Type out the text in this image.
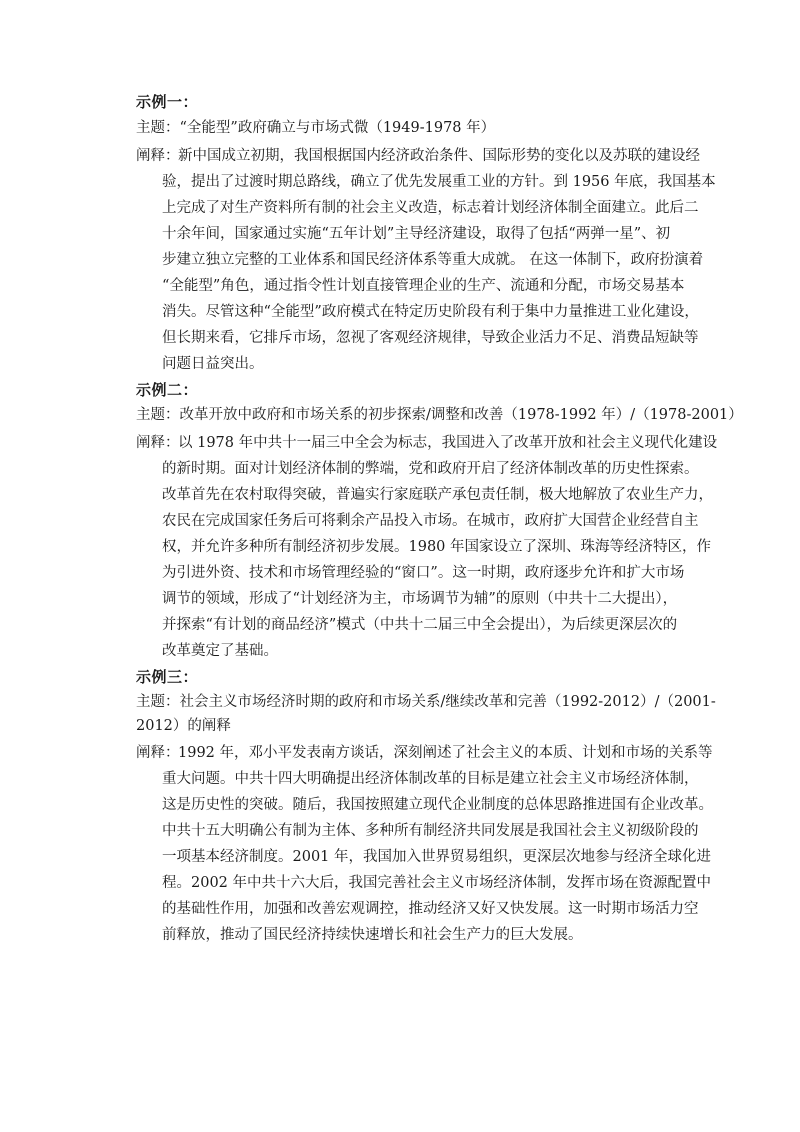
示例一：
主题：“全能型”政府确立与市场式微（1949-1978 年）
阐释：
新中国成立初期，我国根据国内经济政治条件、国际形势的变化以及苏联的建设经
验，提出了过渡时期总路线，确立了优先发展重工业的方针。到 1956 年底，我国基本
上完成了对生产资料所有制的社会主义改造，标志着计划经济体制全面建立。此后二
十余年间，国家通过实施“五年计划”主导经济建设，取得了包括“两弹一星”、初
步建立独立完整的工业体系和国民经济体系等重大成就。 在这一体制下，政府扮演着
“全能型”角色，通过指令性计划直接管理企业的生产、流通和分配，市场交易基本
消失。尽管这种“全能型”政府模式在特定历史阶段有利于集中力量推进工业化建设，
但长期来看，它排斥市场，忽视了客观经济规律，导致企业活力不足、消费品短缺等
问题日益突出。
示例二：
主题：改革开放中政府和市场关系的初步探索/调整和改善（1978-1992 年）/（1978-2001）
阐释：
以 1978 年中共十一届三中全会为标志，我国进入了改革开放和社会主义现代化建设
的新时期。面对计划经济体制的弊端，党和政府开启了经济体制改革的历史性探索。
改革首先在农村取得突破，普遍实行家庭联产承包责任制，极大地解放了农业生产力，
农民在完成国家任务后可将剩余产品投入市场。在城市，政府扩大国营企业经营自主
权，并允许多种所有制经济初步发展。1980 年国家设立了深圳、珠海等经济特区，作
为引进外资、技术和市场管理经验的“窗口”。这一时期，政府逐步允许和扩大市场
调节的领域，形成了“计划经济为主，市场调节为辅”的原则（中共十二大提出），
并探索“有计划的商品经济”模式（中共十二届三中全会提出），为后续更深层次的
改革奠定了基础。
示例三：
主题：社会主义市场经济时期的政府和市场关系/继续改革和完善（1992-2012）/（2001-
2012）的阐释
阐释：
1992 年，邓小平发表南方谈话，深刻阐述了社会主义的本质、计划和市场的关系等
重大问题。中共十四大明确提出经济体制改革的目标是建立社会主义市场经济体制，
这是历史性的突破。随后，我国按照建立现代企业制度的总体思路推进国有企业改革。
中共十五大明确公有制为主体、多种所有制经济共同发展是我国社会主义初级阶段的
一项基本经济制度。2001 年，我国加入世界贸易组织，更深层次地参与经济全球化进
程。2002 年中共十六大后，我国完善社会主义市场经济体制，发挥市场在资源配置中
的基础性作用，加强和改善宏观调控，推动经济又好又快发展。这一时期市场活力空
前释放，推动了国民经济持续快速增长和社会生产力的巨大发展。
